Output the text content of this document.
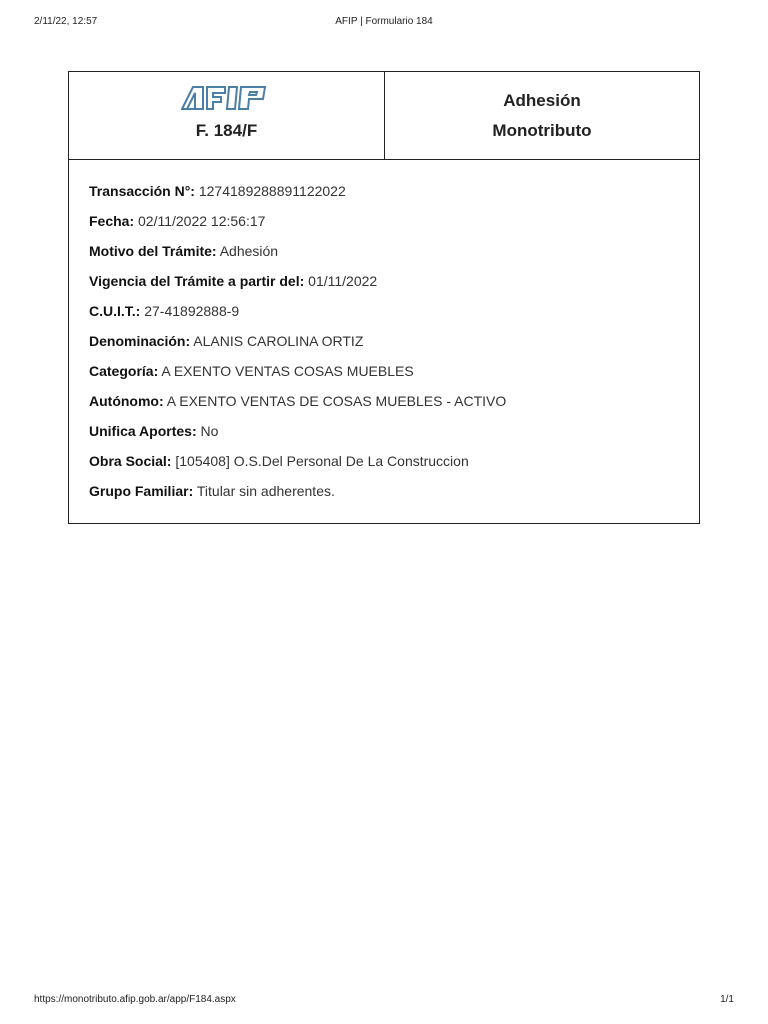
2/11/22, 12:57	AFIP | Formulario 184
F. 184/F
Adhesión
Monotributo
Transacción N°: 1274189288891122022
Fecha: 02/11/2022 12:56:17
Motivo del Trámite: Adhesión
Vigencia del Trámite a partir del: 01/11/2022
C.U.I.T.: 27-41892888-9
Denominación: ALANIS CAROLINA ORTIZ
Categoría: A EXENTO VENTAS COSAS MUEBLES
Autónomo: A EXENTO VENTAS DE COSAS MUEBLES - ACTIVO
Unifica Aportes: No
Obra Social: [105408] O.S.Del Personal De La Construccion
Grupo Familiar: Titular sin adherentes.
https://monotributo.afip.gob.ar/app/F184.aspx	1/1
